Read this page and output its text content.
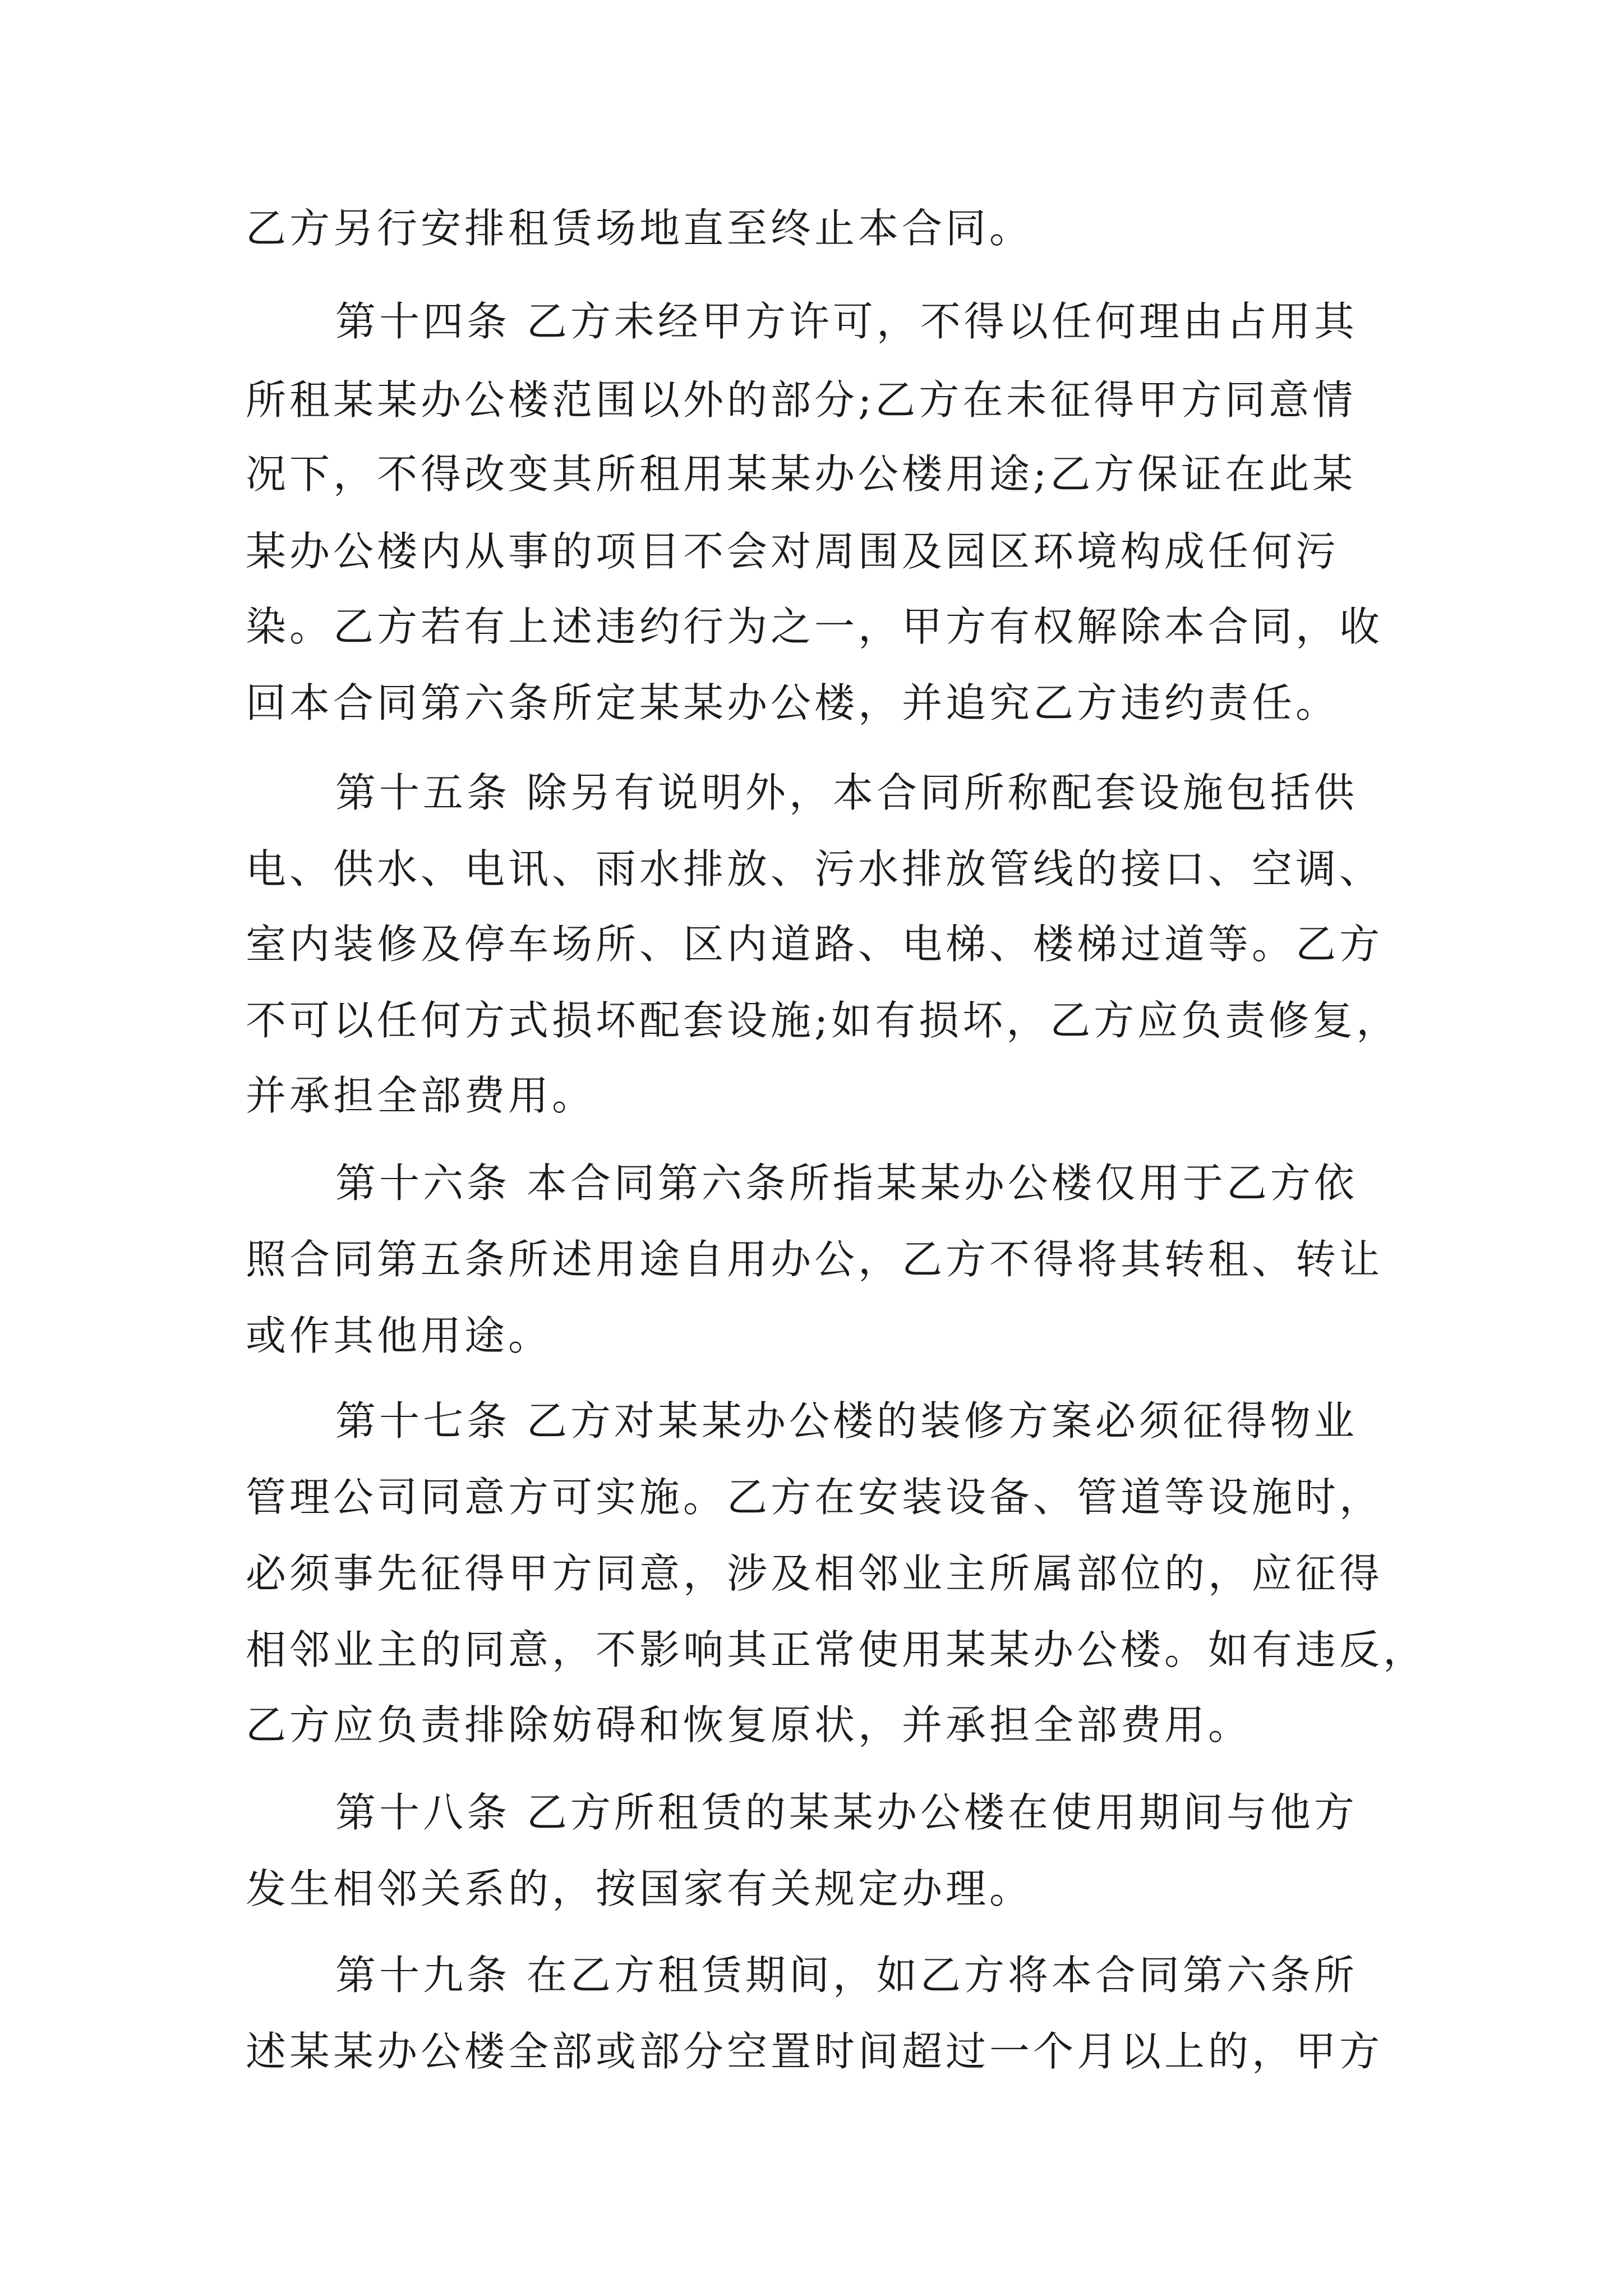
乙方另行安排租赁场地直至终止本合同。
第十四条 乙方未经甲方许可，不得以任何理由占用其
所租某某办公楼范围以外的部分;乙方在未征得甲方同意情
况下，不得改变其所租用某某办公楼用途;乙方保证在此某
某办公楼内从事的项目不会对周围及园区环境构成任何污
染。乙方若有上述违约行为之一，甲方有权解除本合同，收
回本合同第六条所定某某办公楼，并追究乙方违约责任。
第十五条 除另有说明外，本合同所称配套设施包括供
电、供水、电讯、雨水排放、污水排放管线的接口、空调、
室内装修及停车场所、区内道路、电梯、楼梯过道等。乙方
不可以任何方式损坏配套设施;如有损坏，乙方应负责修复，
并承担全部费用。
第十六条 本合同第六条所指某某办公楼仅用于乙方依
照合同第五条所述用途自用办公，乙方不得将其转租、转让
或作其他用途。
第十七条 乙方对某某办公楼的装修方案必须征得物业
管理公司同意方可实施。乙方在安装设备、管道等设施时，
必须事先征得甲方同意，涉及相邻业主所属部位的，应征得
相邻业主的同意，不影响其正常使用某某办公楼。如有违反，
乙方应负责排除妨碍和恢复原状，并承担全部费用。
第十八条 乙方所租赁的某某办公楼在使用期间与他方
发生相邻关系的，按国家有关规定办理。
第十九条 在乙方租赁期间，如乙方将本合同第六条所
述某某办公楼全部或部分空置时间超过一个月以上的，甲方
